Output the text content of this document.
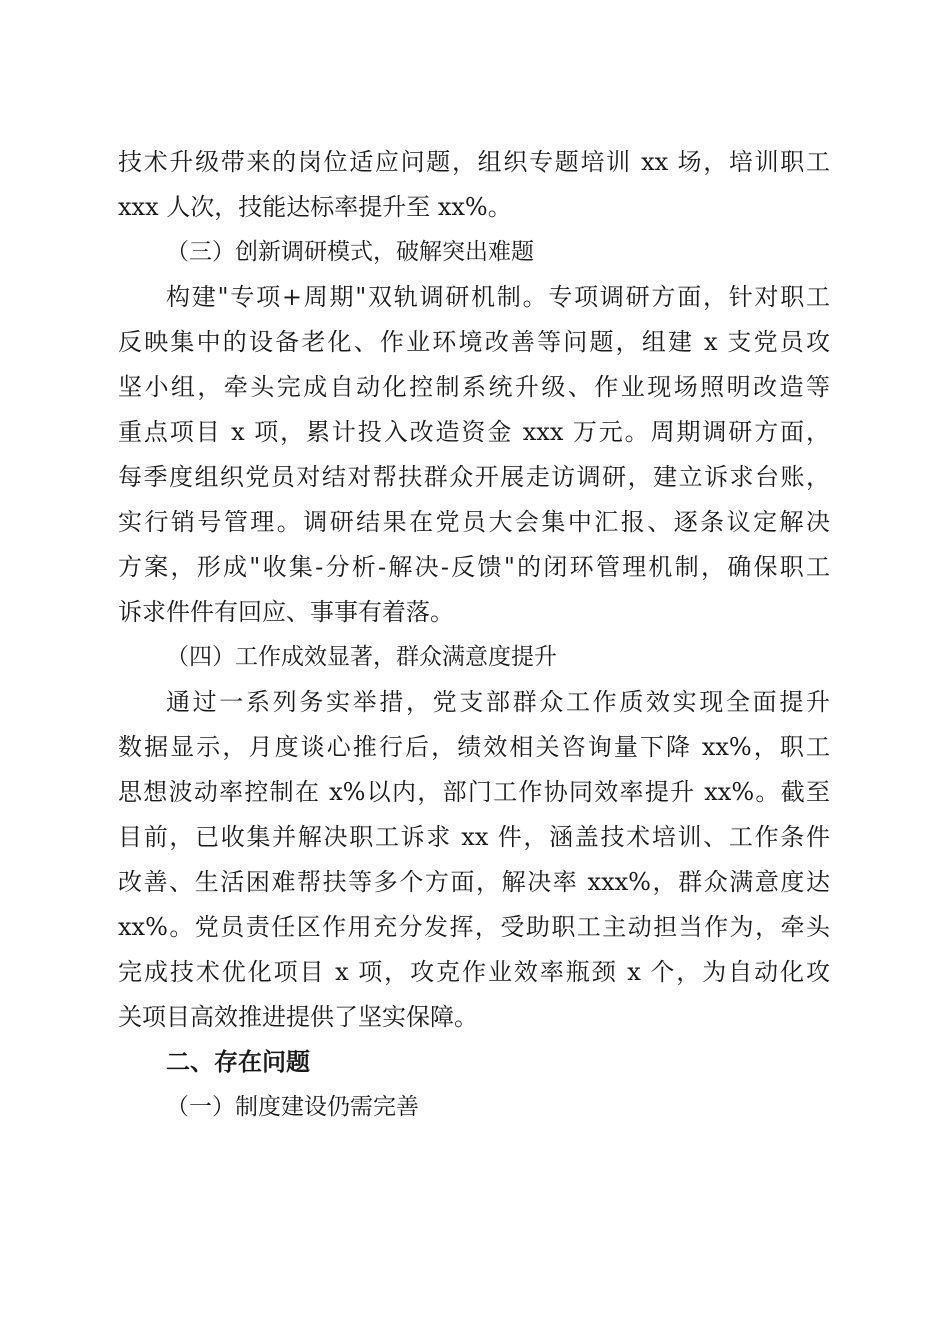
技术升级带来的岗位适应问题，组织专题培训 xx 场，培训职工
xxx 人次，技能达标率提升至 xx%。
（三）创新调研模式，破解突出难题
构建"专项+周期"双轨调研机制。专项调研方面，针对职工
反映集中的设备老化、作业环境改善等问题，组建 x 支党员攻
坚小组，牵头完成自动化控制系统升级、作业现场照明改造等
重点项目 x 项，累计投入改造资金 xxx 万元。周期调研方面，
每季度组织党员对结对帮扶群众开展走访调研，建立诉求台账，
实行销号管理。调研结果在党员大会集中汇报、逐条议定解决
方案，形成"收集-分析-解决-反馈"的闭环管理机制，确保职工
诉求件件有回应、事事有着落。
（四）工作成效显著，群众满意度提升
通过一系列务实举措，党支部群众工作质效实现全面提升
数据显示，月度谈心推行后，绩效相关咨询量下降 xx%，职工
思想波动率控制在 x%以内，部门工作协同效率提升 xx%。截至
目前，已收集并解决职工诉求 xx 件，涵盖技术培训、工作条件
改善、生活困难帮扶等多个方面，解决率 xxx%，群众满意度达
xx%。党员责任区作用充分发挥，受助职工主动担当作为，牵头
完成技术优化项目 x 项，攻克作业效率瓶颈 x 个，为自动化攻
关项目高效推进提供了坚实保障。
二、存在问题
（一）制度建设仍需完善
